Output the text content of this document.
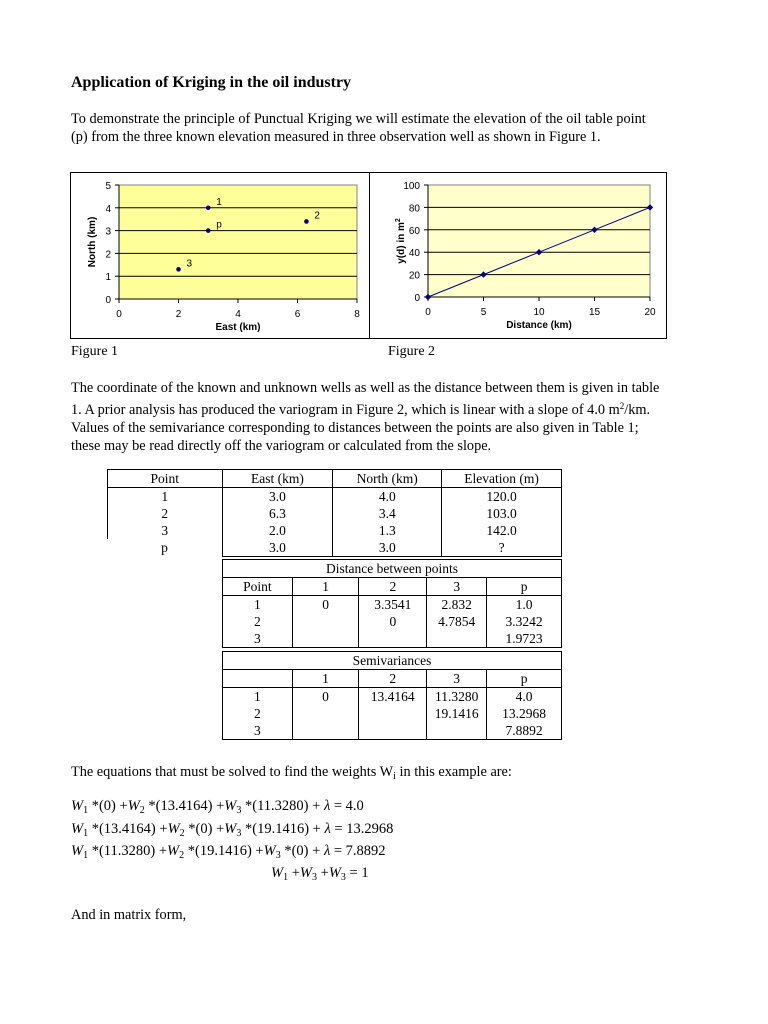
Application of Kriging in the oil industry

To demonstrate the principle of Punctual Kriging we will estimate the elevation of the oil table point
(p) from the three known elevation measured in three observation well as shown in Figure 1.

0
1
2
3
4
5
0	2	4	6	8
East (km)
North (km)
1
2
3
p
0
20
40
60
80
100
0	5	10	15	20
Distance (km)
y(d) in $m^2$
Figure 1	Figure 2

The coordinate of the known and unknown wells as well as the distance between them is given in table
1. A prior analysis has produced the variogram in Figure 2, which is linear with a slope of 4.0 $m^2/km$.
Values of the semivariance corresponding to distances between the points are also given in Table 1;
these may be read directly off the variogram or calculated from the slope.

Point	East (km)	North (km)	Elevation (m)
1	3.0	4.0	120.0
2	6.3	3.4	103.0
3	2.0	1.3	142.0
p	3.0	3.0	?
Distance between points				
Point	1	2	3	p
1	0	3.3541	2.832	1.0
2		0	4.7854	3.3242
3				1.9723
Semivariances				
	1	2	3	p
1	0	13.4164	11.3280	4.0
2			19.1416	13.2968
3				7.8892
The equations that must be solved to find the weights $W_i$ in this example are:
$W_1$ $*(0) +W_2$ $*(13.4164) +W_3$ *(11.3280) + λ = 4.0
$W_1$ $*(13.4164) +W_2$ $*(0) +W_3$ *(19.1416) + λ = 13.2968
$W_1$ $*(11.3280) +W_2$ $*(19.1416) +W_3$ *(0) + λ = 7.8892
$W_1 +W_3 +W_3 = 1$
And in matrix form,
